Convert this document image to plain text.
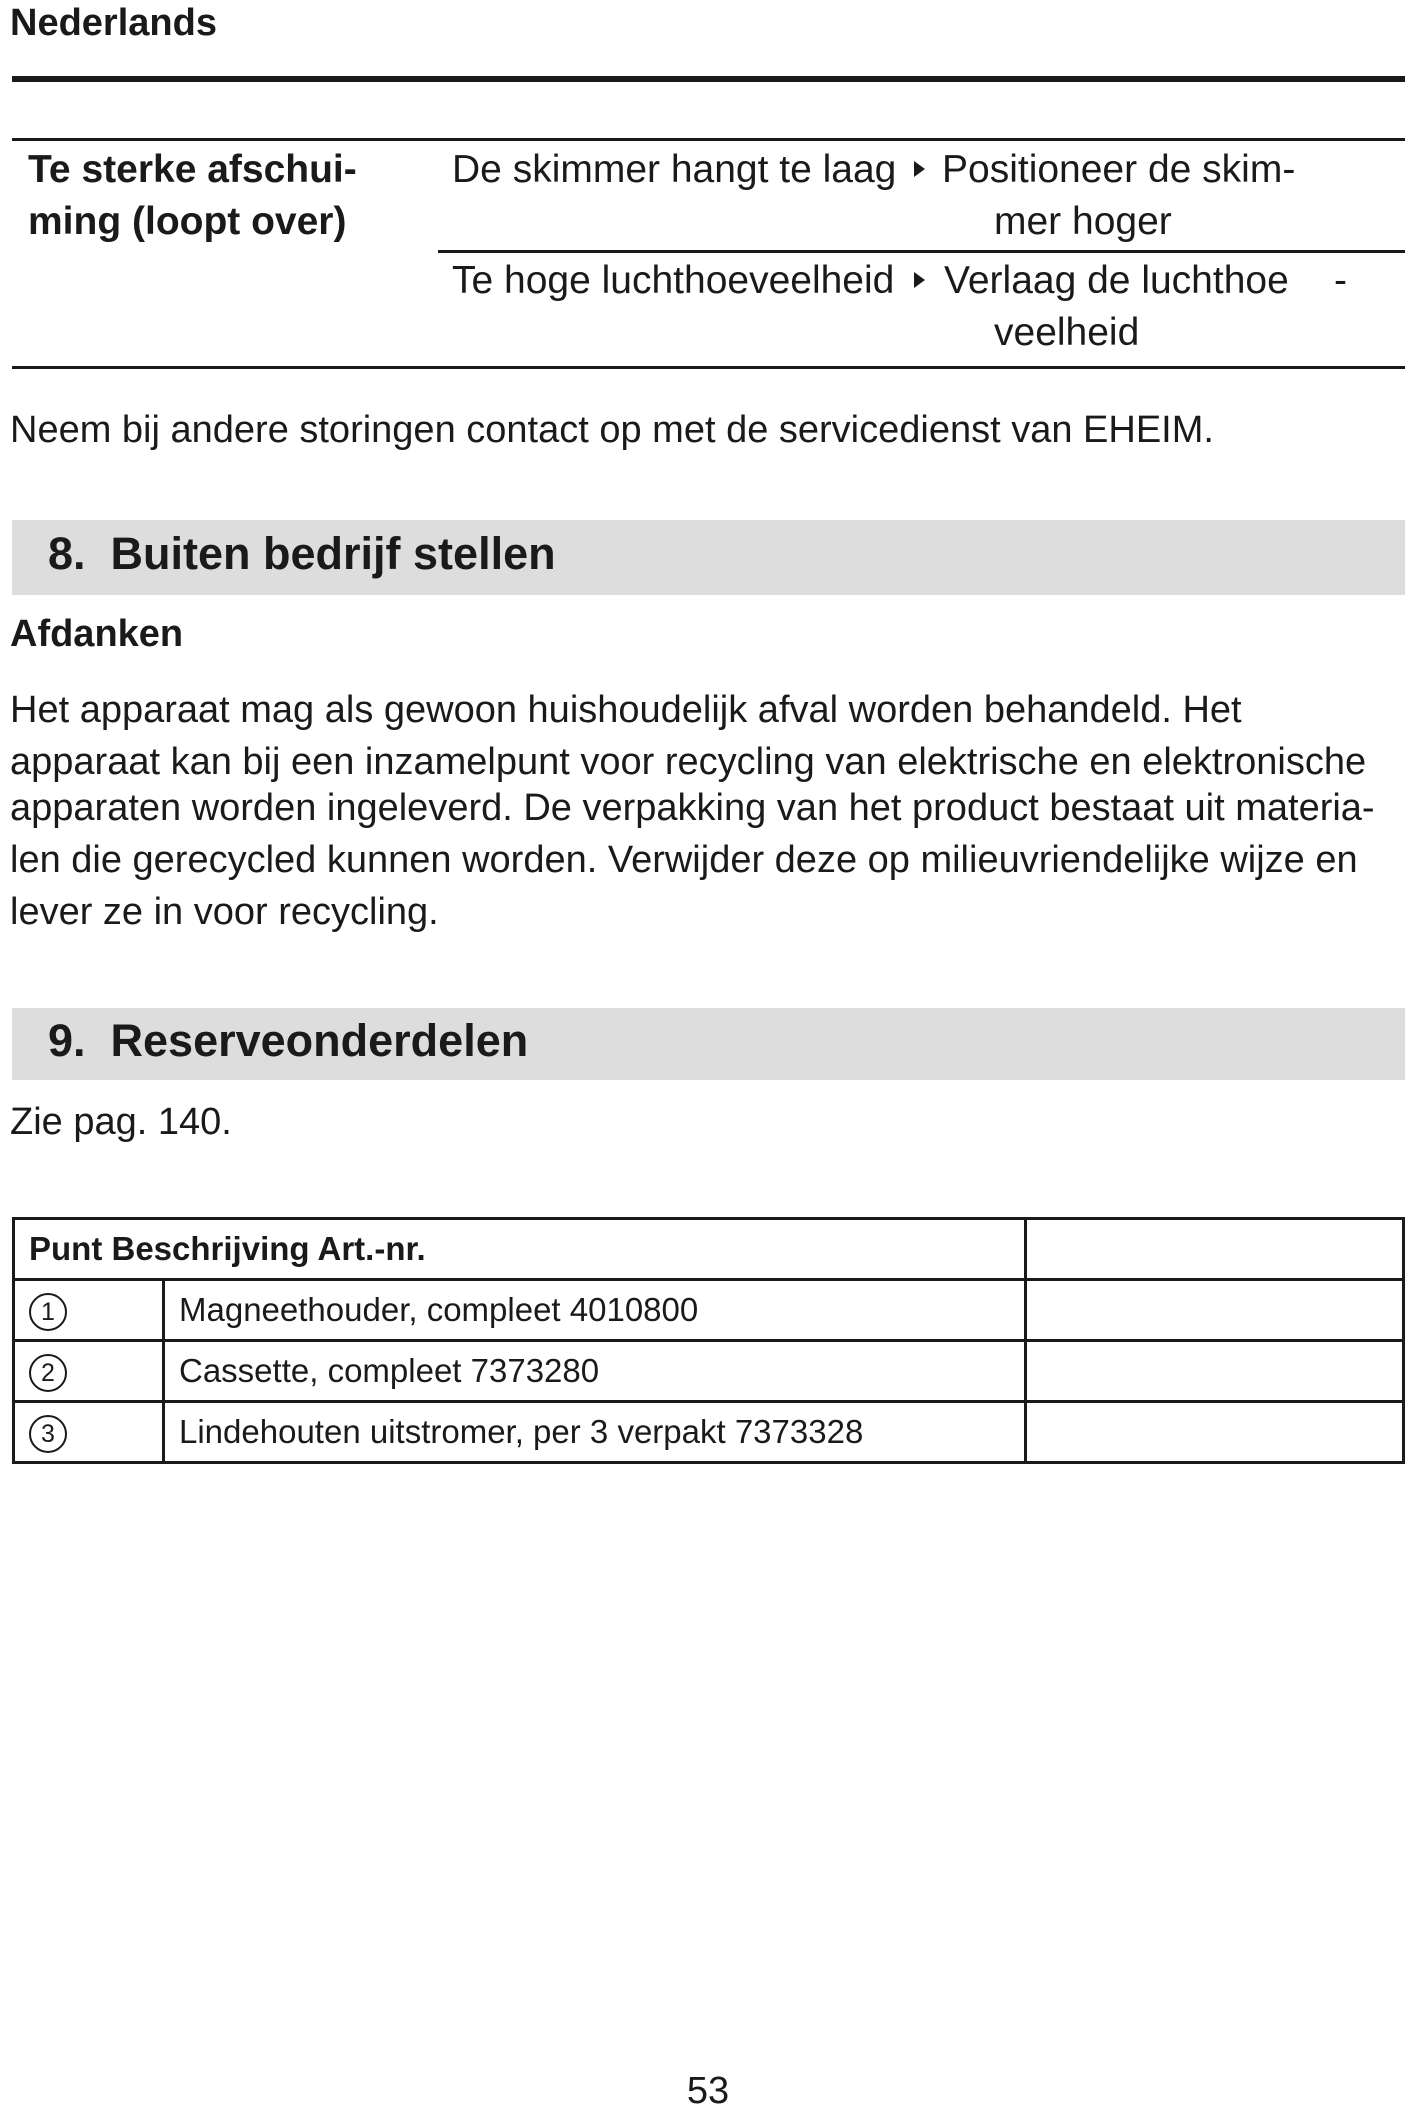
Nederlands
Te sterke afschui-
ming (loopt over)
De skimmer hangt te laag Positioneer de skim-
mer hoger
Te hoge luchthoeveelheid Verlaag de luchthoe -
veelheid
Neem bij andere storingen contact op met de servicedienst van EHEIM.
8.  Buiten bedrijf stellen
Afdanken
Het apparaat mag als gewoon huishoudelijk afval worden behandeld. Het
apparaat kan bij een inzamelpunt voor recycling van elektrische en elektronische
apparaten worden ingeleverd. De verpakking van het product bestaat uit materia-
len die gerecycled kunnen worden. Verwijder deze op milieuvriendelijke wijze en
lever ze in voor recycling.
9.  Reserveonderdelen
Zie pag. 140.
Punt Beschrijving Art.-nr.		
1	Magneethouder, compleet 4010800	
2	Cassette, compleet 7373280	
3	Lindehouten uitstromer, per 3 verpakt 7373328	
53
